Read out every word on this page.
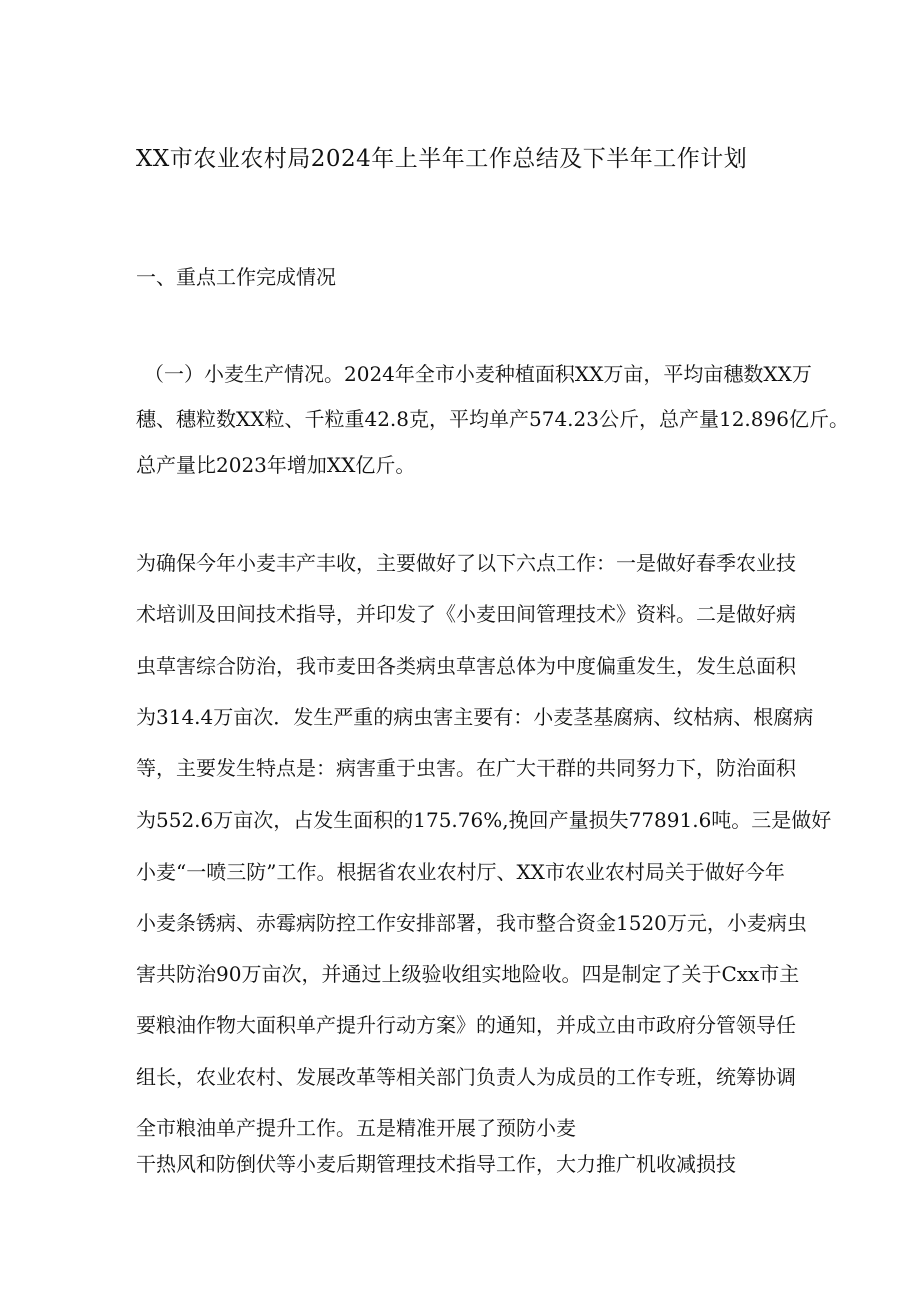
XX市农业农村局2024年上半年工作总结及下半年工作计划

一、重点工作完成情况

（一）小麦生产情况。2024年全市小麦种植面积XX万亩，平均亩穗数XX万

穗、穗粒数XX粒、千粒重42.8克，平均单产574.23公斤，总产量12.896亿斤。

总产量比2023年增加XX亿斤。

为确保今年小麦丰产丰收，主要做好了以下六点工作：一是做好春季农业技

术培训及田间技术指导，并印发了《小麦田间管理技术》资料。二是做好病

虫草害综合防治，我市麦田各类病虫草害总体为中度偏重发生，发生总面积

为314.4万亩次．发生严重的病虫害主要有：小麦茎基腐病、纹枯病、根腐病

等，主要发生特点是：病害重于虫害。在广大干群的共同努力下，防治面积

为552.6万亩次，占发生面积的175.76%,挽回产量损失77891.6吨。三是做好

小麦“一喷三防”工作。根据省农业农村厅、XX市农业农村局关于做好今年

小麦条锈病、赤霉病防控工作安排部署，我市整合资金1520万元，小麦病虫

害共防治90万亩次，并通过上级验收组实地险收。四是制定了关于Cxx市主

要粮油作物大面积单产提升行动方案》的通知，并成立由市政府分管领导任

组长，农业农村、发展改革等相关部门负责人为成员的工作专班，统筹协调

全市粮油单产提升工作。五是精准开展了预防小麦

干热风和防倒伏等小麦后期管理技术指导工作，大力推广机收减损技
